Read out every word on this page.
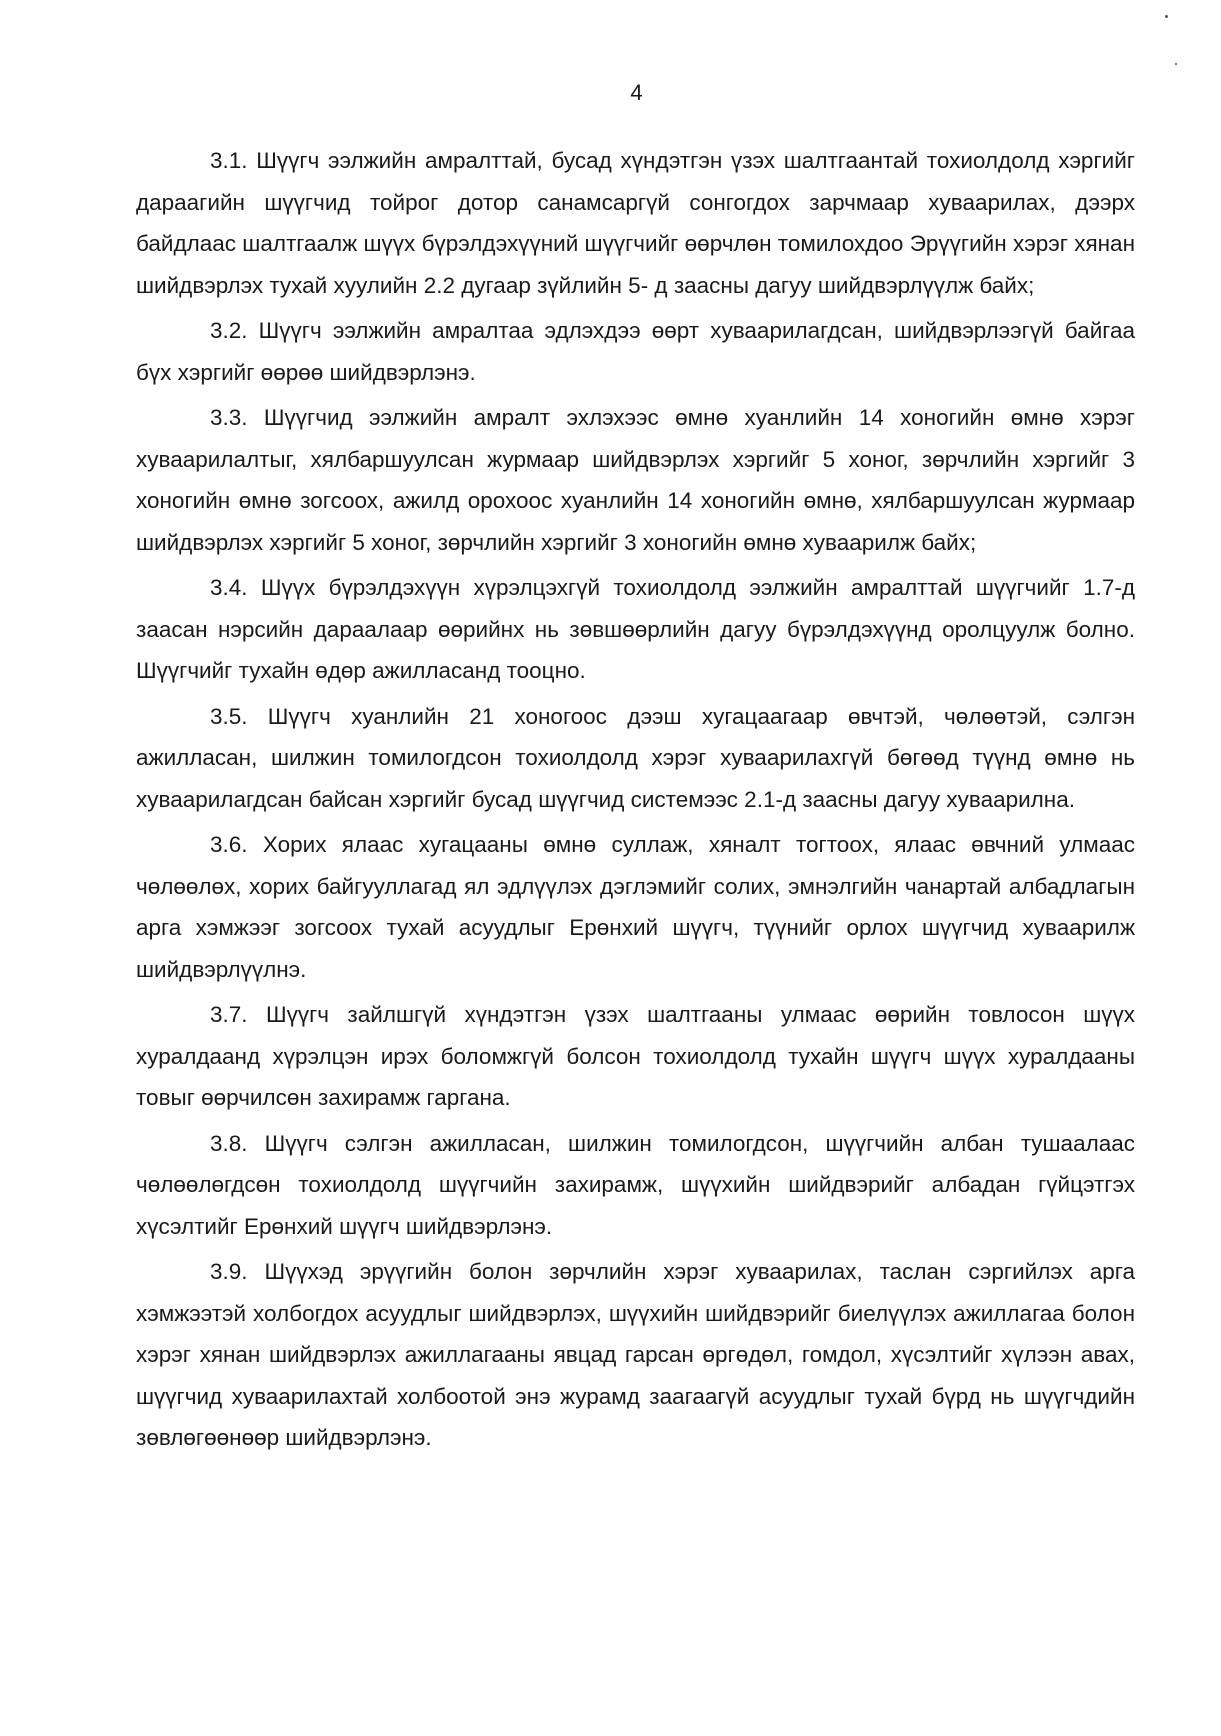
4

3.1. Шүүгч ээлжийн амралттай, бусад хүндэтгэн үзэх шалтгаантай тохиолдолд хэргийг дараагийн шүүгчид тойрог дотор санамсаргүй сонгогдох зарчмаар хуваарилах, дээрх байдлаас шалтгаалж шүүх бүрэлдэхүүний шүүгчийг өөрчлөн томилохдоо Эрүүгийн хэрэг хянан шийдвэрлэх тухай хуулийн 2.2 дугаар зүйлийн 5- д заасны дагуу шийдвэрлүүлж байх;

3.2. Шүүгч ээлжийн амралтаа эдлэхдээ өөрт хуваарилагдсан, шийдвэрлээгүй байгаа бүх хэргийг өөрөө шийдвэрлэнэ.

3.3. Шүүгчид ээлжийн амралт эхлэхээс өмнө хуанлийн 14 хоногийн өмнө хэрэг хуваарилалтыг, хялбаршуулсан журмаар шийдвэрлэх хэргийг 5 хоног, зөрчлийн хэргийг 3 хоногийн өмнө зогсоох, ажилд орохоос хуанлийн 14 хоногийн өмнө, хялбаршуулсан журмаар шийдвэрлэх хэргийг 5 хоног, зөрчлийн хэргийг 3 хоногийн өмнө хуваарилж байх;

3.4. Шүүх бүрэлдэхүүн хүрэлцэхгүй тохиолдолд ээлжийн амралттай шүүгчийг 1.7-д заасан нэрсийн дараалаар өөрийнх нь зөвшөөрлийн дагуу бүрэлдэхүүнд оролцуулж болно. Шүүгчийг тухайн өдөр ажилласанд тооцно.

3.5. Шүүгч хуанлийн 21 хоногоос дээш хугацаагаар өвчтэй, чөлөөтэй, сэлгэн ажилласан, шилжин томилогдсон тохиолдолд хэрэг хуваарилахгүй бөгөөд түүнд өмнө нь хуваарилагдсан байсан хэргийг бусад шүүгчид системээс 2.1-д заасны дагуу хуваарилна.

3.6. Хорих ялаас хугацааны өмнө суллаж, хяналт тогтоох, ялаас өвчний улмаас чөлөөлөх, хорих байгууллагад ял эдлүүлэх дэглэмийг солих, эмнэлгийн чанартай албадлагын арга хэмжээг зогсоох тухай асуудлыг Ерөнхий шүүгч, түүнийг орлох шүүгчид хуваарилж шийдвэрлүүлнэ.

3.7. Шүүгч зайлшгүй хүндэтгэн үзэх шалтгааны улмаас өөрийн товлосон шүүх хуралдаанд хүрэлцэн ирэх боломжгүй болсон тохиолдолд тухайн шүүгч шүүх хуралдааны товыг өөрчилсөн захирамж гаргана.

3.8. Шүүгч сэлгэн ажилласан, шилжин томилогдсон, шүүгчийн албан тушаалаас чөлөөлөгдсөн тохиолдолд шүүгчийн захирамж, шүүхийн шийдвэрийг албадан гүйцэтгэх хүсэлтийг Ерөнхий шүүгч шийдвэрлэнэ.

3.9. Шүүхэд эрүүгийн болон зөрчлийн хэрэг хуваарилах, таслан сэргийлэх арга хэмжээтэй холбогдох асуудлыг шийдвэрлэх, шүүхийн шийдвэрийг биелүүлэх ажиллагаа болон хэрэг хянан шийдвэрлэх ажиллагааны явцад гарсан өргөдөл, гомдол, хүсэлтийг хүлээн авах, шүүгчид хуваарилахтай холбоотой энэ журамд заагаагүй асуудлыг тухай бүрд нь шүүгчдийн зөвлөгөөнөөр шийдвэрлэнэ.
